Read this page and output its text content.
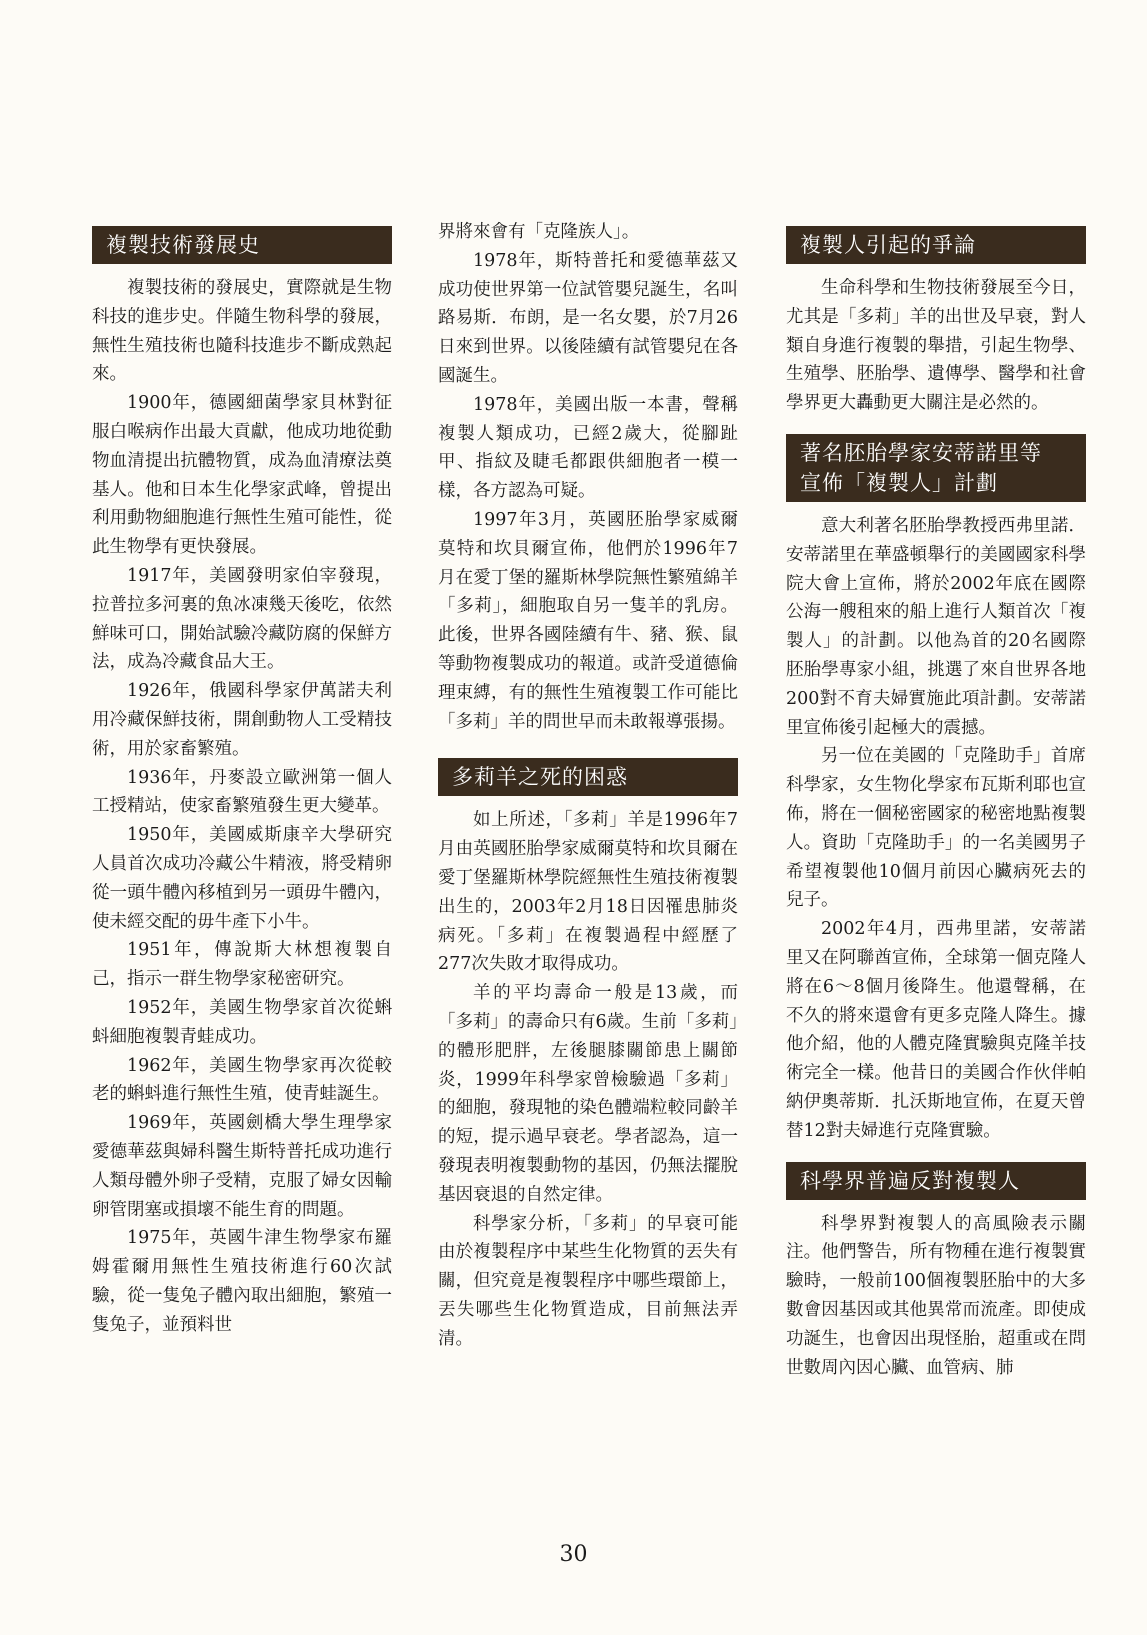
複製技術發展史

複製技術的發展史，實際就是生物科技的進步史。伴隨生物科學的發展，無性生殖技術也隨科技進步不斷成熟起來。

1900年，德國細菌學家貝林對征服白喉病作出最大貢獻，他成功地從動物血清提出抗體物質，成為血清療法奠基人。他和日本生化學家武峰，曾提出利用動物細胞進行無性生殖可能性，從此生物學有更快發展。

1917年，美國發明家伯宰發現，拉普拉多河裏的魚冰凍幾天後吃，依然鮮味可口，開始試驗冷藏防腐的保鮮方法，成為冷藏食品大王。

1926年，俄國科學家伊萬諾夫利用冷藏保鮮技術，開創動物人工受精技術，用於家畜繁殖。

1936年，丹麥設立歐洲第一個人工授精站，使家畜繁殖發生更大變革。

1950年，美國威斯康辛大學研究人員首次成功冷藏公牛精液，將受精卵從一頭牛體內移植到另一頭毋牛體內，使未經交配的毋牛產下小牛。

1951年，傳說斯大林想複製自己，指示一群生物學家秘密研究。

1952年，美國生物學家首次從蝌蚪細胞複製青蛙成功。

1962年，美國生物學家再次從較老的蝌蚪進行無性生殖，使青蛙誕生。

1969年，英國劍橋大學生理學家愛德華茲與婦科醫生斯特普托成功進行人類母體外卵子受精，克服了婦女因輸卵管閉塞或損壞不能生育的問題。

1975年，英國牛津生物學家布羅姆霍爾用無性生殖技術進行60次試驗，從一隻兔子體內取出細胞，繁殖一隻兔子，並預料世

界將來會有「克隆族人」。

1978年，斯特普托和愛德華茲又成功使世界第一位試管嬰兒誕生，名叫路易斯．布朗，是一名女嬰，於7月26日來到世界。以後陸續有試管嬰兒在各國誕生。

1978年，美國出版一本書，聲稱複製人類成功，已經2歲大，從腳趾甲、指紋及睫毛都跟供細胞者一模一樣，各方認為可疑。

1997年3月，英國胚胎學家威爾莫特和坎貝爾宣佈，他們於1996年7月在愛丁堡的羅斯林學院無性繁殖綿羊「多莉」，細胞取自另一隻羊的乳房。此後，世界各國陸續有牛、豬、猴、鼠等動物複製成功的報道。或許受道德倫理束縛，有的無性生殖複製工作可能比「多莉」羊的問世早而未敢報導張揚。

多莉羊之死的困惑

如上所述，「多莉」羊是1996年7月由英國胚胎學家威爾莫特和坎貝爾在愛丁堡羅斯林學院經無性生殖技術複製出生的，2003年2月18日因罹患肺炎病死。「多莉」在複製過程中經歷了277次失敗才取得成功。

羊的平均壽命一般是13歲，而「多莉」的壽命只有6歲。生前「多莉」的體形肥胖，左後腿膝關節患上關節炎，1999年科學家曾檢驗過「多莉」的細胞，發現牠的染色體端粒較同齡羊的短，提示過早衰老。學者認為，這一發現表明複製動物的基因，仍無法擺脫基因衰退的自然定律。

科學家分析，「多莉」的早衰可能由於複製程序中某些生化物質的丟失有關，但究竟是複製程序中哪些環節上，丟失哪些生化物質造成，目前無法弄清。

複製人引起的爭論

生命科學和生物技術發展至今日，尤其是「多莉」羊的出世及早衰，對人類自身進行複製的舉措，引起生物學、生殖學、胚胎學、遺傳學、醫學和社會學界更大轟動更大關注是必然的。

著名胚胎學家安蒂諾里等
宣佈「複製人」計劃

意大利著名胚胎學教授西弗里諾．安蒂諾里在華盛頓舉行的美國國家科學院大會上宣佈，將於2002年底在國際公海一艘租來的船上進行人類首次「複製人」的計劃。以他為首的20名國際胚胎學專家小組，挑選了來自世界各地200對不育夫婦實施此項計劃。安蒂諾里宣佈後引起極大的震撼。

另一位在美國的「克隆助手」首席科學家，女生物化學家布瓦斯利耶也宣佈，將在一個秘密國家的秘密地點複製人。資助「克隆助手」的一名美國男子希望複製他10個月前因心臟病死去的兒子。

2002年4月，西弗里諾，安蒂諾里又在阿聯酋宣佈，全球第一個克隆人將在6～8個月後降生。他還聲稱，在不久的將來還會有更多克隆人降生。據他介紹，他的人體克隆實驗與克隆羊技術完全一樣。他昔日的美國合作伙伴帕納伊奧蒂斯．扎沃斯地宣佈，在夏天曾替12對夫婦進行克隆實驗。

科學界普遍反對複製人

科學界對複製人的高風險表示關注。他們警告，所有物種在進行複製實驗時，一般前100個複製胚胎中的大多數會因基因或其他異常而流產。即使成功誕生，也會因出現怪胎，超重或在問世數周內因心臟、血管病、肺

30
